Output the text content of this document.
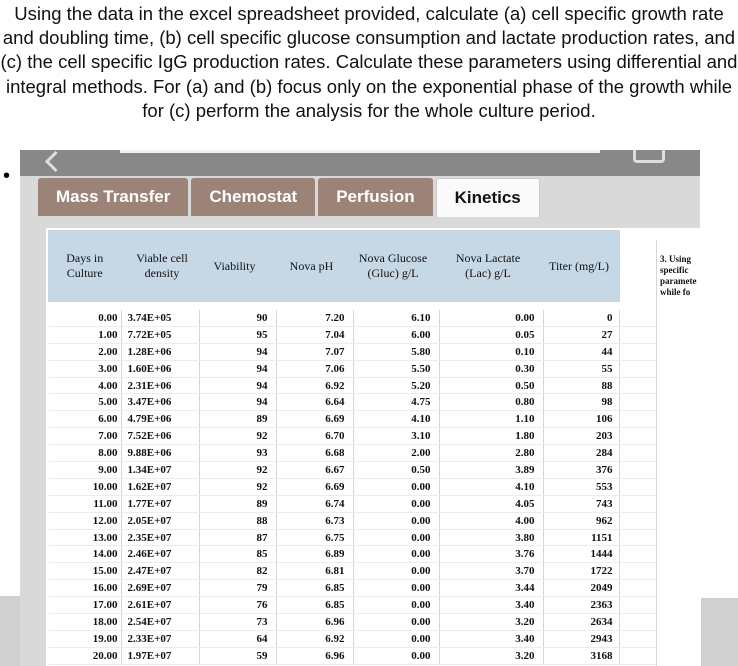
Using the data in the excel spreadsheet provided, calculate (a) cell specific growth rate and doubling time, (b) cell specific glucose consumption and lactate production rates, and (c) the cell specific IgG production rates. Calculate these parameters using differential and integral methods. For (a) and (b) focus only on the exponential phase of the growth while for (c) perform the analysis for the whole culture period.
•
Mass Transfer	Chemostat	Perfusion	Kinetics
Days in Culture	Viable cell density	Viability	Nova pH	Nova Glucose (Gluc) g/L	Nova Lactate (Lac) g/L	Titer (mg/L)	

0.00	3.74E+05	90	7.20	6.10	0.00	0	
1.00	7.72E+05	95	7.04	6.00	0.05	27	
2.00	1.28E+06	94	7.07	5.80	0.10	44	
3.00	1.60E+06	94	7.06	5.50	0.30	55	
4.00	2.31E+06	94	6.92	5.20	0.50	88	
5.00	3.47E+06	94	6.64	4.75	0.80	98	
6.00	4.79E+06	89	6.69	4.10	1.10	106	
7.00	7.52E+06	92	6.70	3.10	1.80	203	
8.00	9.88E+06	93	6.68	2.00	2.80	284	
9.00	1.34E+07	92	6.67	0.50	3.89	376	
10.00	1.62E+07	92	6.69	0.00	4.10	553	
11.00	1.77E+07	89	6.74	0.00	4.05	743	
12.00	2.05E+07	88	6.73	0.00	4.00	962	
13.00	2.35E+07	87	6.75	0.00	3.80	1151	
14.00	2.46E+07	85	6.89	0.00	3.76	1444	
15.00	2.47E+07	82	6.81	0.00	3.70	1722	
16.00	2.69E+07	79	6.85	0.00	3.44	2049	
17.00	2.61E+07	76	6.85	0.00	3.40	2363	
18.00	2.54E+07	73	6.96	0.00	3.20	2634	
19.00	2.33E+07	64	6.92	0.00	3.40	2943	
20.00	1.97E+07	59	6.96	0.00	3.20	3168	
3. Using specific paramete while fo
